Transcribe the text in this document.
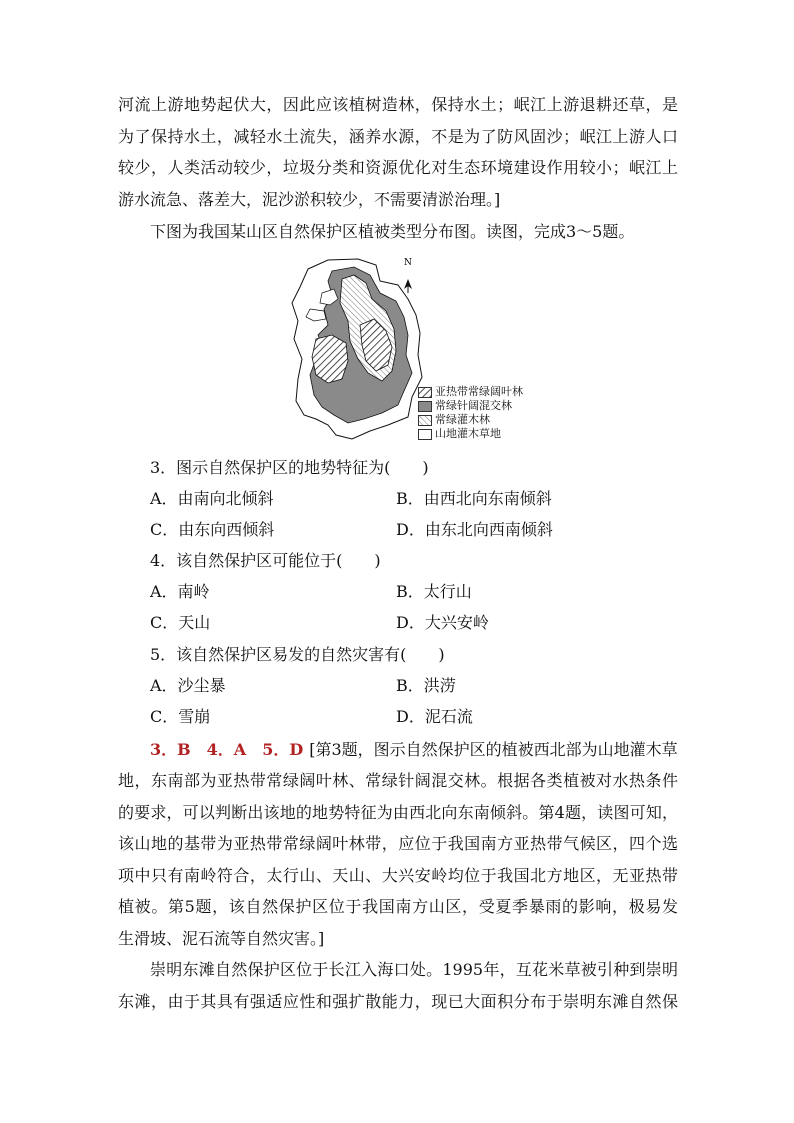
河流上游地势起伏大，因此应该植树造林，保持水土；岷江上游退耕还草，是
为了保持水土，减轻水土流失，涵养水源，不是为了防风固沙；岷江上游人口
较少，人类活动较少，垃圾分类和资源优化对生态环境建设作用较小；岷江上
游水流急、落差大，泥沙淤积较少，不需要清淤治理。]
下图为我国某山区自然保护区植被类型分布图。读图，完成3～5题。
N
亚热带常绿阔叶林
常绿针阔混交林
常绿灌木林
山地灌木草地
3．图示自然保护区的地势特征为(　　)
A．由南向北倾斜	B．由西北向东南倾斜
C．由东向西倾斜	D．由东北向西南倾斜
4．该自然保护区可能位于(　　)
A．南岭	B．太行山
C．天山	D．大兴安岭
5．该自然保护区易发的自然灾害有(　　)
A．沙尘暴	B．洪涝
C．雪崩	D．泥石流
3．B　4．A　5．D [第3题，图示自然保护区的植被西北部为山地灌木草
地，东南部为亚热带常绿阔叶林、常绿针阔混交林。根据各类植被对水热条件
的要求，可以判断出该地的地势特征为由西北向东南倾斜。第4题，读图可知，
该山地的基带为亚热带常绿阔叶林带，应位于我国南方亚热带气候区，四个选
项中只有南岭符合，太行山、天山、大兴安岭均位于我国北方地区，无亚热带
植被。第5题，该自然保护区位于我国南方山区，受夏季暴雨的影响，极易发
生滑坡、泥石流等自然灾害。]
崇明东滩自然保护区位于长江入海口处。1995年，互花米草被引种到崇明
东滩，由于其具有强适应性和强扩散能力，现已大面积分布于崇明东滩自然保
